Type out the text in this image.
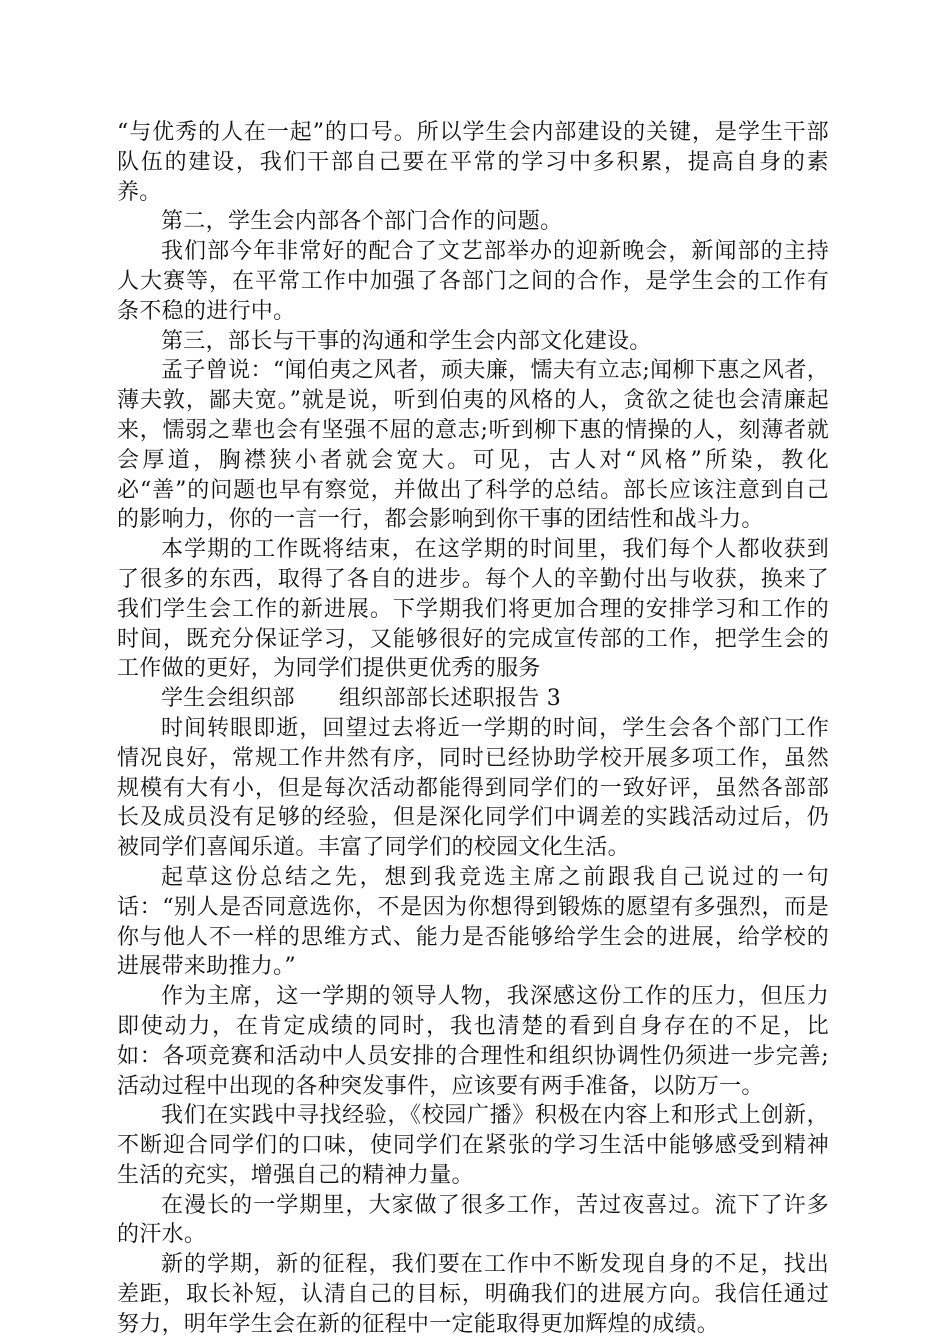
“与优秀的人在一起”的口号。所以学生会内部建设的关键，是学生干部队伍的建设，我们干部自己要在平常的学习中多积累，提高自身的素养。

第二，学生会内部各个部门合作的问题。

我们部今年非常好的配合了文艺部举办的迎新晚会，新闻部的主持人大赛等，在平常工作中加强了各部门之间的合作，是学生会的工作有条不稳的进行中。

第三，部长与干事的沟通和学生会内部文化建设。

孟子曾说：“闻伯夷之风者，顽夫廉，懦夫有立志;闻柳下惠之风者，薄夫敦，鄙夫宽。”就是说，听到伯夷的风格的人，贪欲之徒也会清廉起来，懦弱之辈也会有坚强不屈的意志;听到柳下惠的情操的人，刻薄者就会厚道，胸襟狭小者就会宽大。可见，古人对“风格”所染，教化必“善”的问题也早有察觉，并做出了科学的总结。部长应该注意到自己的影响力，你的一言一行，都会影响到你干事的团结性和战斗力。

本学期的工作既将结束，在这学期的时间里，我们每个人都收获到了很多的东西，取得了各自的进步。每个人的辛勤付出与收获，换来了我们学生会工作的新进展。下学期我们将更加合理的安排学习和工作的时间，既充分保证学习，又能够很好的完成宣传部的工作，把学生会的工作做的更好，为同学们提供更优秀的服务

学生会组织部 组织部部长述职报告 3

时间转眼即逝，回望过去将近一学期的时间，学生会各个部门工作情况良好，常规工作井然有序，同时已经协助学校开展多项工作，虽然规模有大有小，但是每次活动都能得到同学们的一致好评，虽然各部部长及成员没有足够的经验，但是深化同学们中调差的实践活动过后，仍被同学们喜闻乐道。丰富了同学们的校园文化生活。

起草这份总结之先，想到我竞选主席之前跟我自己说过的一句话：“别人是否同意选你，不是因为你想得到锻炼的愿望有多强烈，而是你与他人不一样的思维方式、能力是否能够给学生会的进展，给学校的进展带来助推力。”

作为主席，这一学期的领导人物，我深感这份工作的压力，但压力即使动力，在肯定成绩的同时，我也清楚的看到自身存在的不足，比如：各项竞赛和活动中人员安排的合理性和组织协调性仍须进一步完善;活动过程中出现的各种突发事件，应该要有两手准备，以防万一。

我们在实践中寻找经验，《校园广播》积极在内容上和形式上创新，不断迎合同学们的口味，使同学们在紧张的学习生活中能够感受到精神生活的充实，增强自己的精神力量。

在漫长的一学期里，大家做了很多工作，苦过夜喜过。流下了许多的汗水。

新的学期，新的征程，我们要在工作中不断发现自身的不足，找出差距，取长补短，认清自己的目标，明确我们的进展方向。我信任通过努力，明年学生会在新的征程中一定能取得更加辉煌的成绩。
